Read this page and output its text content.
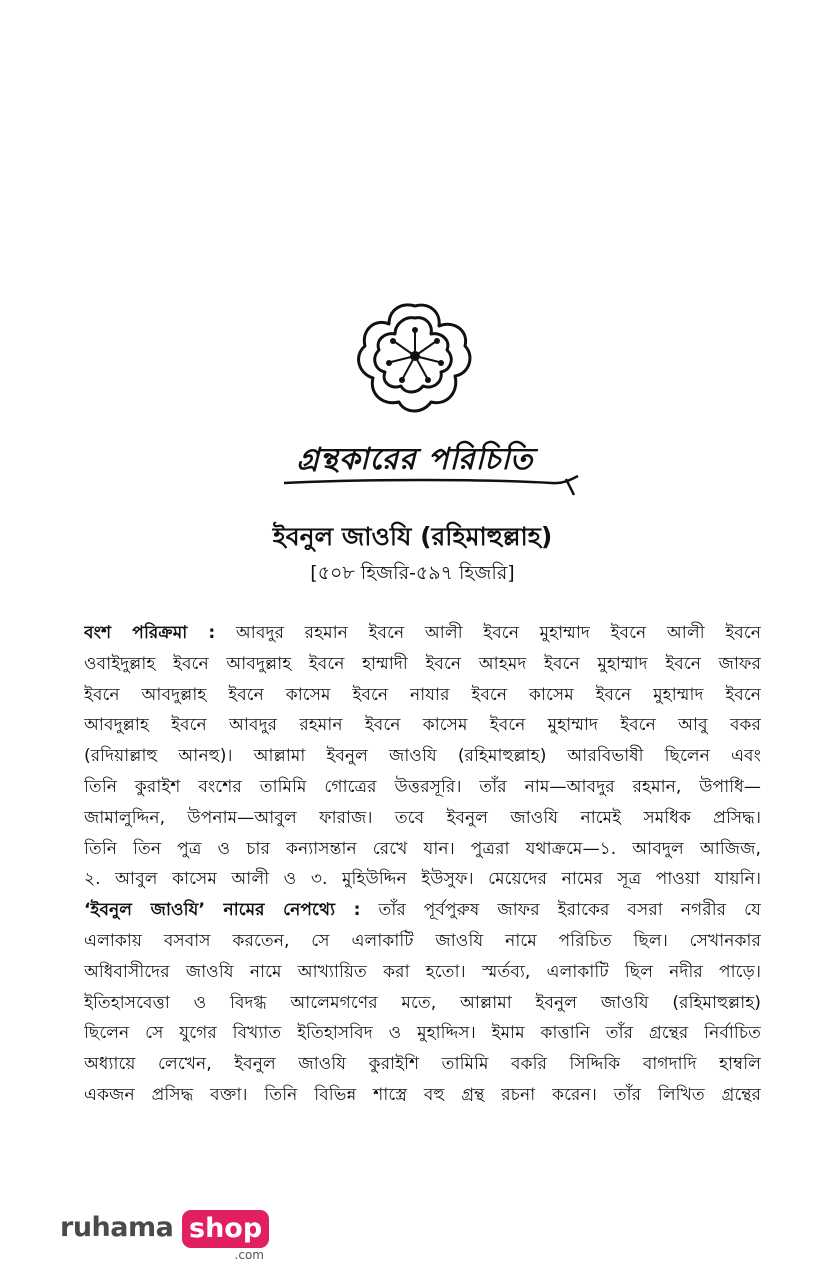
গ্রন্থকারের পরিচিতি
ইবনুল জাওযি (রহিমাহুল্লাহ)
[৫০৮ হিজরি-৫৯৭ হিজরি]
বংশ পরিক্রমা : আবদুর রহমান ইবনে আলী ইবনে মুহাম্মাদ ইবনে আলী ইবনে
ওবাইদুল্লাহ ইবনে আবদুল্লাহ ইবনে হাম্মাদী ইবনে আহমদ ইবনে মুহাম্মাদ ইবনে জাফর
ইবনে আবদুল্লাহ ইবনে কাসেম ইবনে নাযার ইবনে কাসেম ইবনে মুহাম্মাদ ইবনে
আবদুল্লাহ ইবনে আবদুর রহমান ইবনে কাসেম ইবনে মুহাম্মাদ ইবনে আবু বকর
(রদিয়াল্লাহু আনহু)। আল্লামা ইবনুল জাওযি (রহিমাহুল্লাহ) আরবিভাষী ছিলেন এবং
তিনি কুরাইশ বংশের তামিমি গোত্রের উত্তরসূরি। তাঁর নাম—আবদুর রহমান, উপাধি—
জামালুদ্দিন, উপনাম—আবুল ফারাজ। তবে ইবনুল জাওযি নামেই সমধিক প্রসিদ্ধ।
তিনি তিন পুত্র ও চার কন্যাসন্তান রেখে যান। পুত্ররা যথাক্রমে—১. আবদুল আজিজ,
২. আবুল কাসেম আলী ও ৩. মুহিউদ্দিন ইউসুফ। মেয়েদের নামের সূত্র পাওয়া যায়নি।
‘ইবনুল জাওযি’ নামের নেপথ্যে : তাঁর পূর্বপুরুষ জাফর ইরাকের বসরা নগরীর যে
এলাকায় বসবাস করতেন, সে এলাকাটি জাওযি নামে পরিচিত ছিল। সেখানকার
অধিবাসীদের জাওযি নামে আখ্যায়িত করা হতো। স্মর্তব্য, এলাকাটি ছিল নদীর পাড়ে।
ইতিহাসবেত্তা ও বিদগ্ধ আলেমগণের মতে, আল্লামা ইবনুল জাওযি (রহিমাহুল্লাহ)
ছিলেন সে যুগের বিখ্যাত ইতিহাসবিদ ও মুহাদ্দিস। ইমাম কাত্তানি তাঁর গ্রন্থের নির্বাচিত
অধ্যায়ে লেখেন, ইবনুল জাওযি কুরাইশি তামিমি বকরি সিদ্দিকি বাগদাদি হাম্বলি
একজন প্রসিদ্ধ বক্তা। তিনি বিভিন্ন শাস্ত্রে বহু গ্রন্থ রচনা করেন। তাঁর লিখিত গ্রন্থের
ruhama shop
.com
